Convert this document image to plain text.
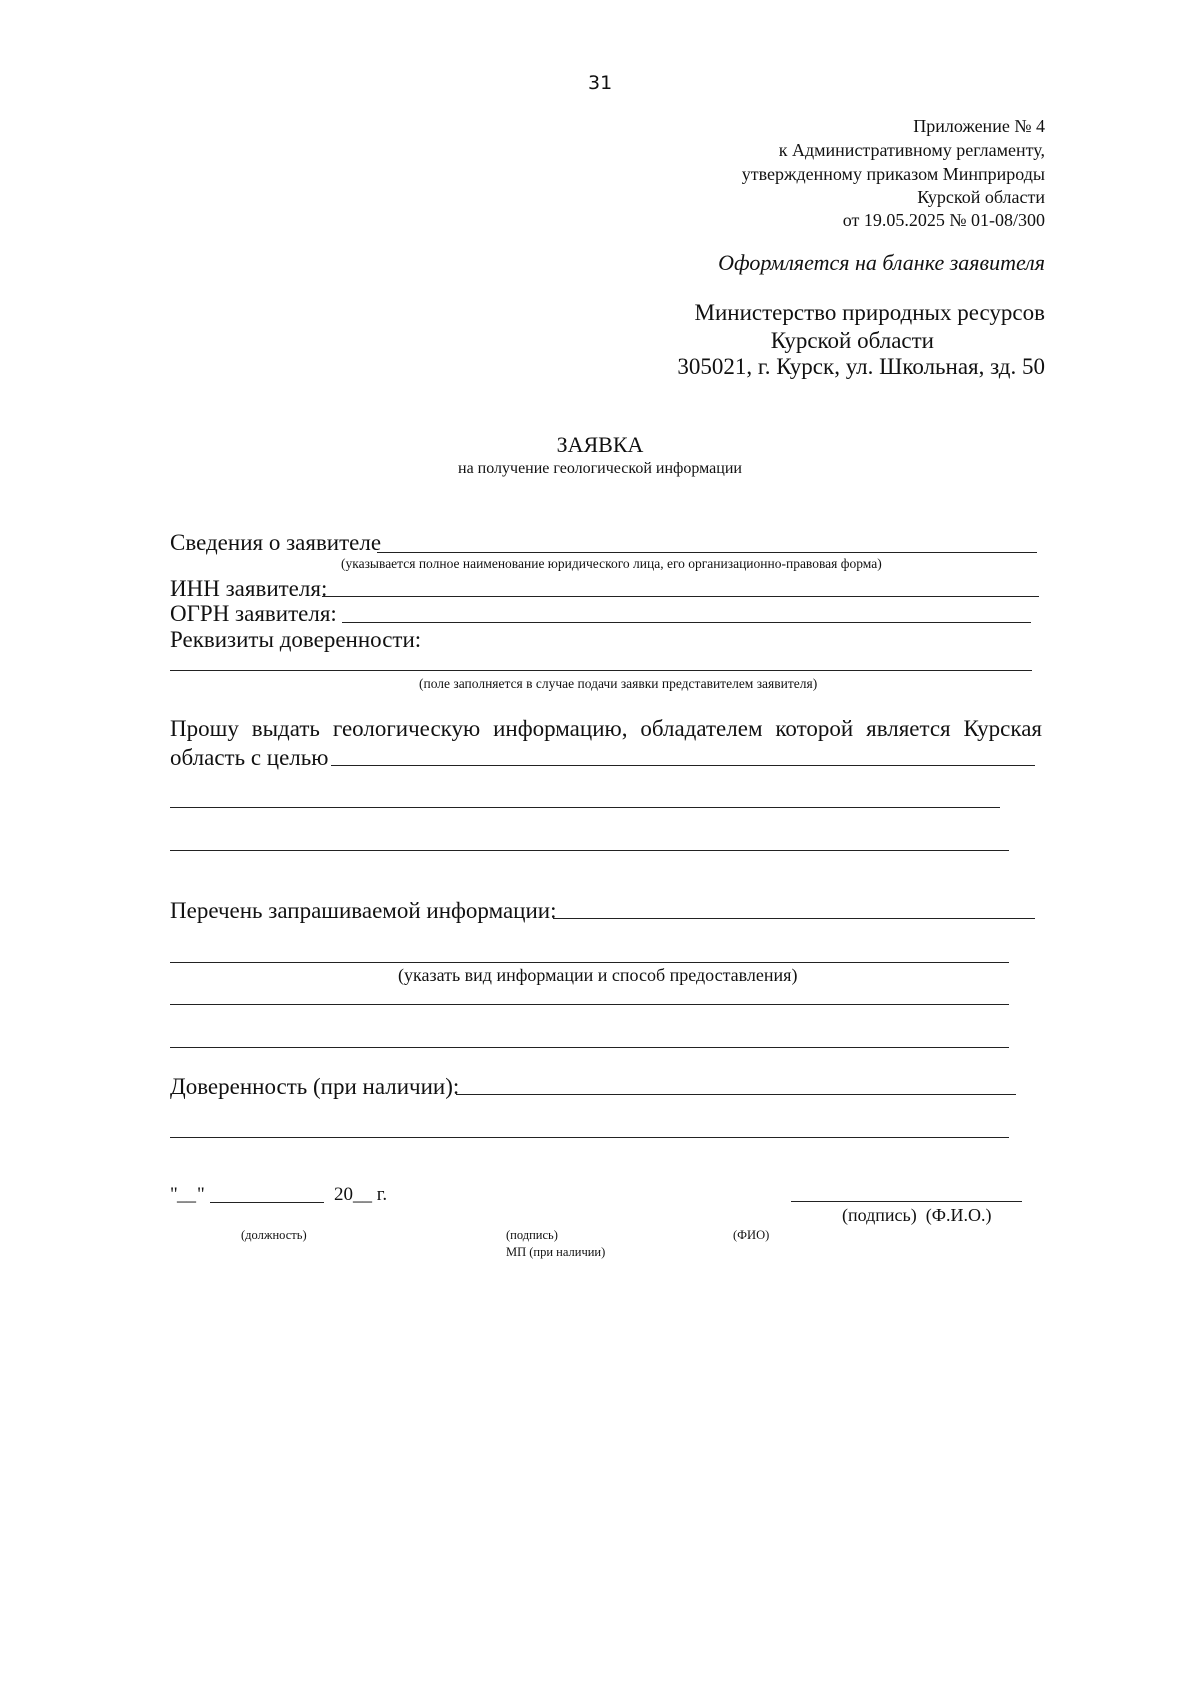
31
Приложение № 4
к Административному регламенту,
утвержденному приказом Минприроды
Курской области
от 19.05.2025 № 01-08/300
Оформляется на бланке заявителя
Министерство природных ресурсов
Курской области
305021, г. Курск, ул. Школьная, зд. 50
ЗАЯВКА
на получение геологической информации
Сведения о заявителе
(указывается полное наименование юридического лица, его организационно-правовая форма)
ИНН заявителя:
ОГРН заявителя:
Реквизиты доверенности:
(поле заполняется в случае подачи заявки представителем заявителя)
Прошу выдать геологическую информацию, обладателем которой является Курская
область с целью
Перечень запрашиваемой информации:
(указать вид информации и способ предоставления)
Доверенность (при наличии):
" __ "	20__ г.
(подпись)  (Ф.И.О.)
(должность)	(подпись)
МП (при наличии)
(ФИО)
